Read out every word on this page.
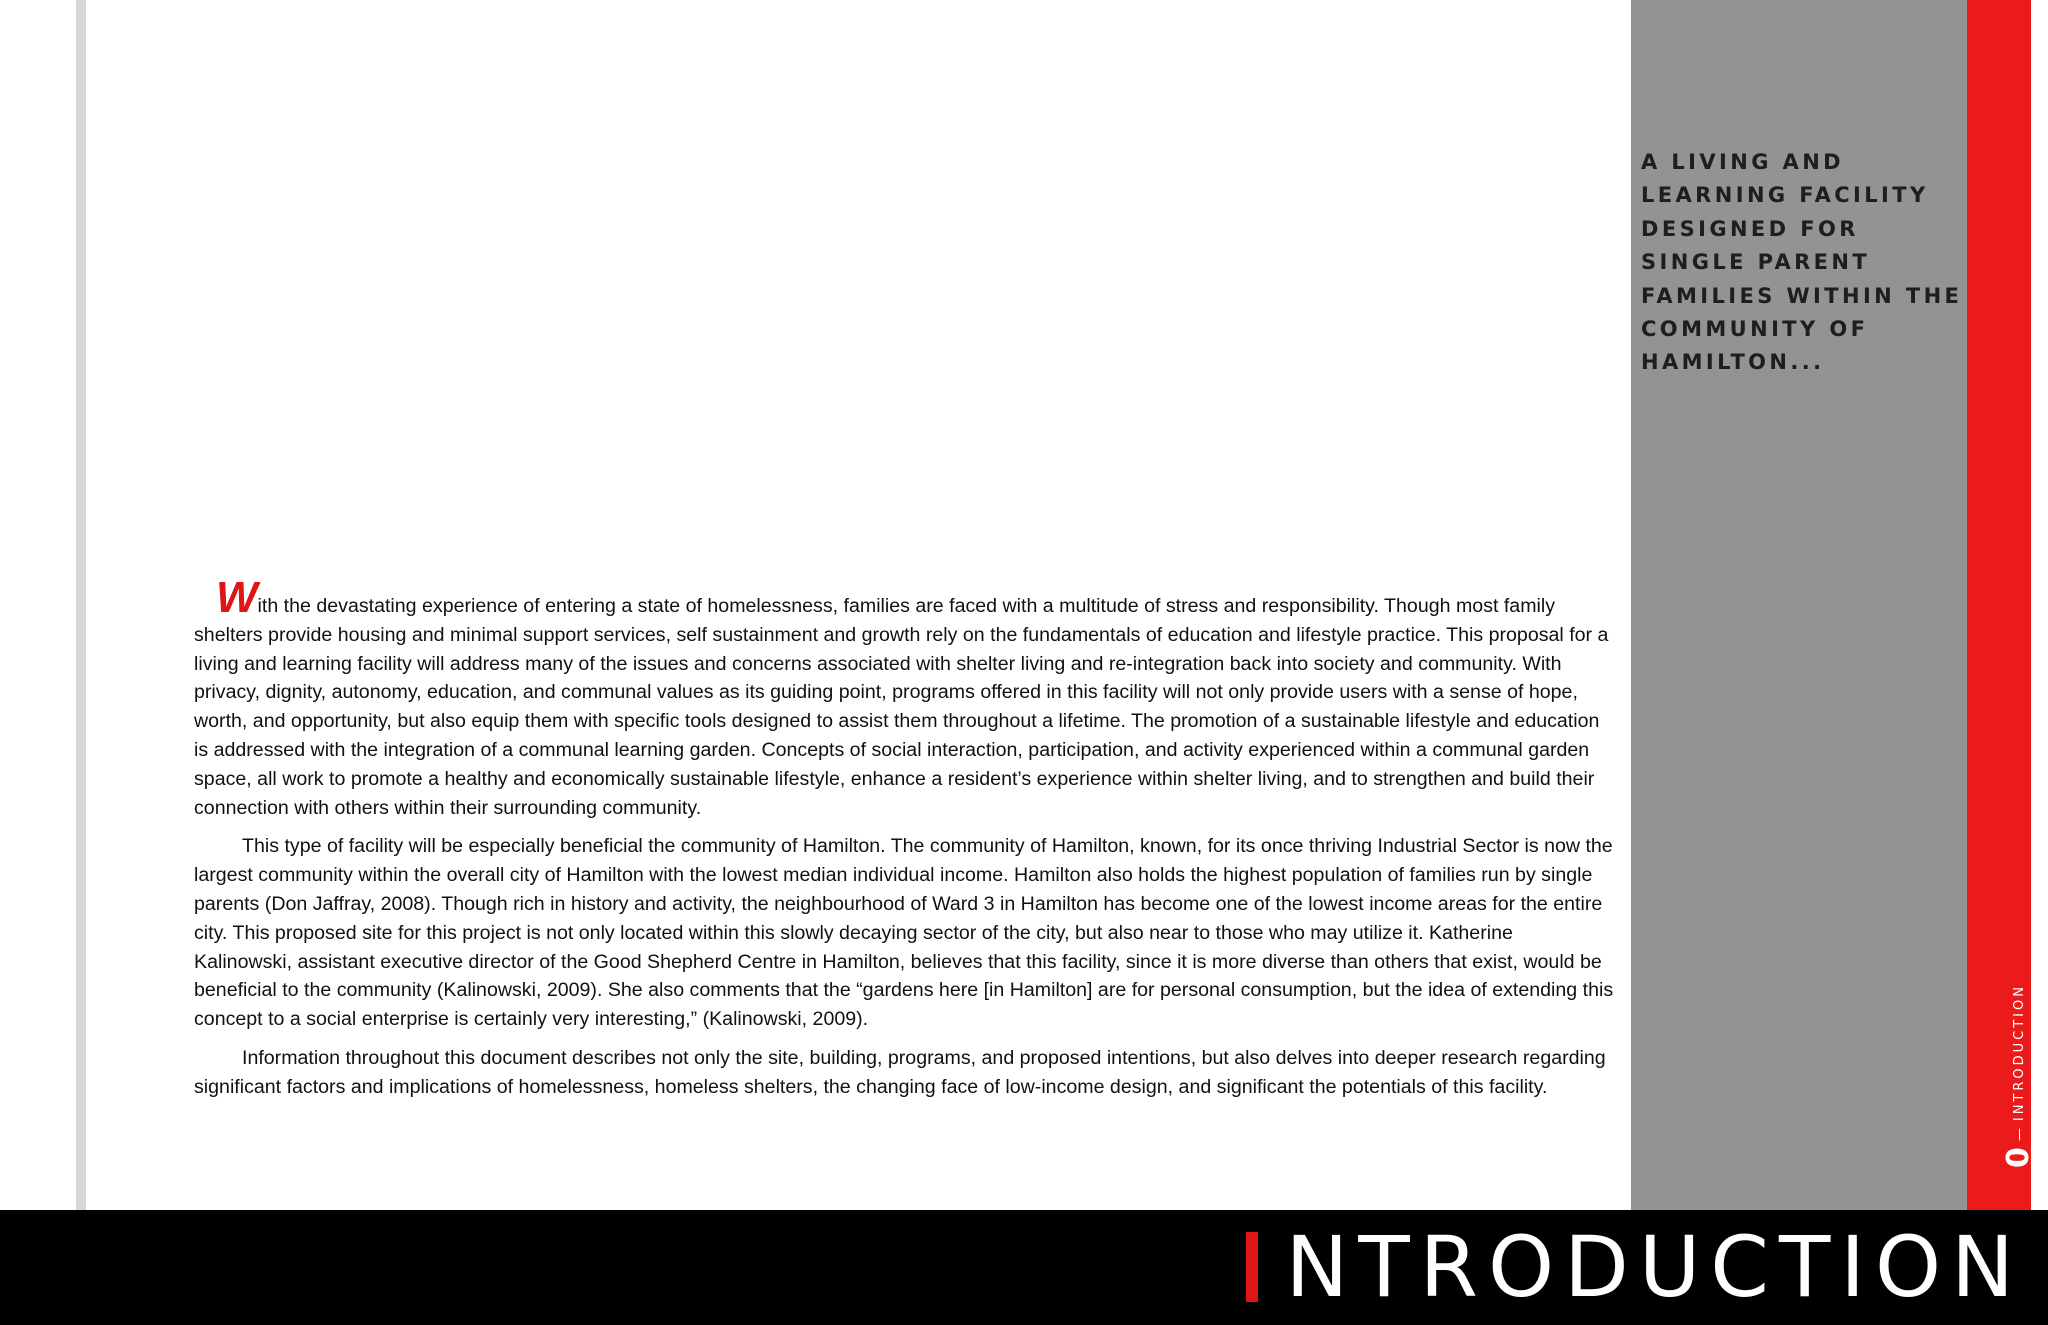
With the devastating experience of entering a state of homelessness, families are faced with a multitude of stress and responsibility. Though most family shelters provide housing and minimal support services, self sustainment and growth rely on the fundamentals of education and lifestyle practice. This proposal for a living and learning facility will address many of the issues and concerns associated with shelter living and re-integration back into society and community. With privacy, dignity, autonomy, education, and communal values as its guiding point, programs offered in this facility will not only provide users with a sense of hope, worth, and opportunity, but also equip them with specific tools designed to assist them throughout a lifetime. The promotion of a sustainable lifestyle and education is addressed with the integration of a communal learning garden. Concepts of social interaction, participation, and activity experienced within a communal garden space, all work to promote a healthy and economically sustainable lifestyle, enhance a resident’s experience within shelter living, and to strengthen and build their connection with others within their surrounding community.

This type of facility will be especially beneficial the community of Hamilton. The community of Hamilton, known, for its once thriving Industrial Sector is now the largest community within the overall city of Hamilton with the lowest median individual income. Hamilton also holds the highest population of families run by single parents (Don Jaffray, 2008). Though rich in history and activity, the neighbourhood of Ward 3 in Hamilton has become one of the lowest income areas for the entire city. This proposed site for this project is not only located within this slowly decaying sector of the city, but also near to those who may utilize it. Katherine Kalinowski, assistant executive director of the Good Shepherd Centre in Hamilton, believes that this facility, since it is more diverse than others that exist, would be beneficial to the community (Kalinowski, 2009). She also comments that the “gardens here [in Hamilton] are for personal consumption, but the idea of extending this concept to a social enterprise is certainly very interesting,” (Kalinowski, 2009).

Information throughout this document describes not only the site, building, programs, and proposed intentions, but also delves into deeper research regarding significant factors and implications of homelessness, homeless shelters, the changing face of low-income design, and significant the potentials of this facility.

A LIVING AND LEARNING FACILITY DESIGNED FOR SINGLE PARENT FAMILIES WITHIN THE COMMUNITY OF HAMILTON...
0
—
INTRODUCTION
NTRODUCTION
